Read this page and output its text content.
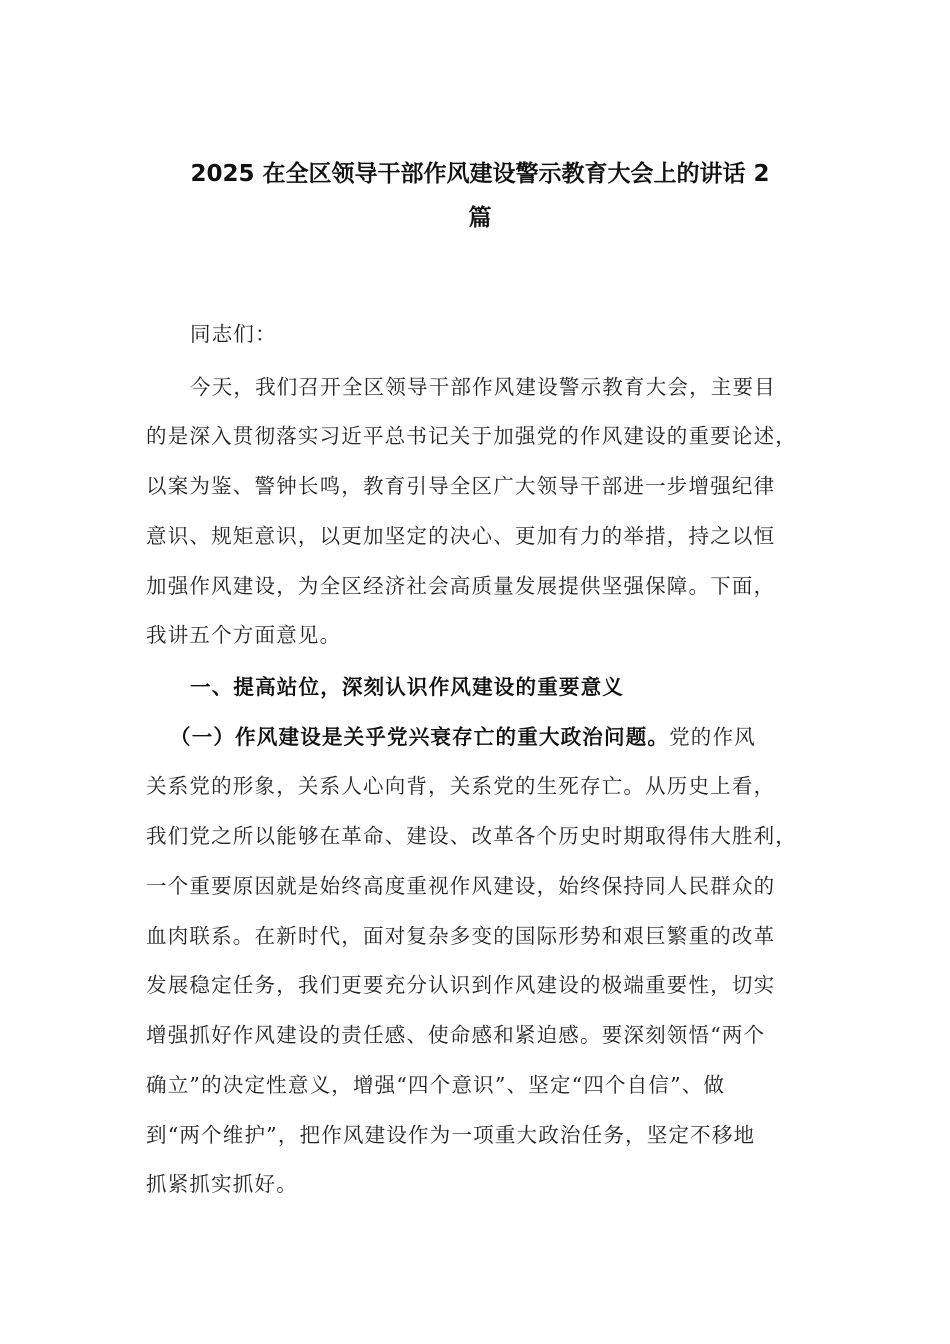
2025 在全区领导干部作风建设警示教育大会上的讲话 2
篇
同志们：
今天，我们召开全区领导干部作风建设警示教育大会，主要目
的是深入贯彻落实习近平总书记关于加强党的作风建设的重要论述，
以案为鉴、警钟长鸣，教育引导全区广大领导干部进一步增强纪律
意识、规矩意识，以更加坚定的决心、更加有力的举措，持之以恒
加强作风建设，为全区经济社会高质量发展提供坚强保障。下面，
我讲五个方面意见。
一、提高站位，深刻认识作风建设的重要意义
（一）作风建设是关乎党兴衰存亡的重大政治问题。党的作风
关系党的形象，关系人心向背，关系党的生死存亡。从历史上看，
我们党之所以能够在革命、建设、改革各个历史时期取得伟大胜利，
一个重要原因就是始终高度重视作风建设，始终保持同人民群众的
血肉联系。在新时代，面对复杂多变的国际形势和艰巨繁重的改革
发展稳定任务，我们更要充分认识到作风建设的极端重要性，切实
增强抓好作风建设的责任感、使命感和紧迫感。要深刻领悟“两个
确立”的决定性意义，增强“四个意识”、坚定“四个自信”、做
到“两个维护”，把作风建设作为一项重大政治任务，坚定不移地
抓紧抓实抓好。
